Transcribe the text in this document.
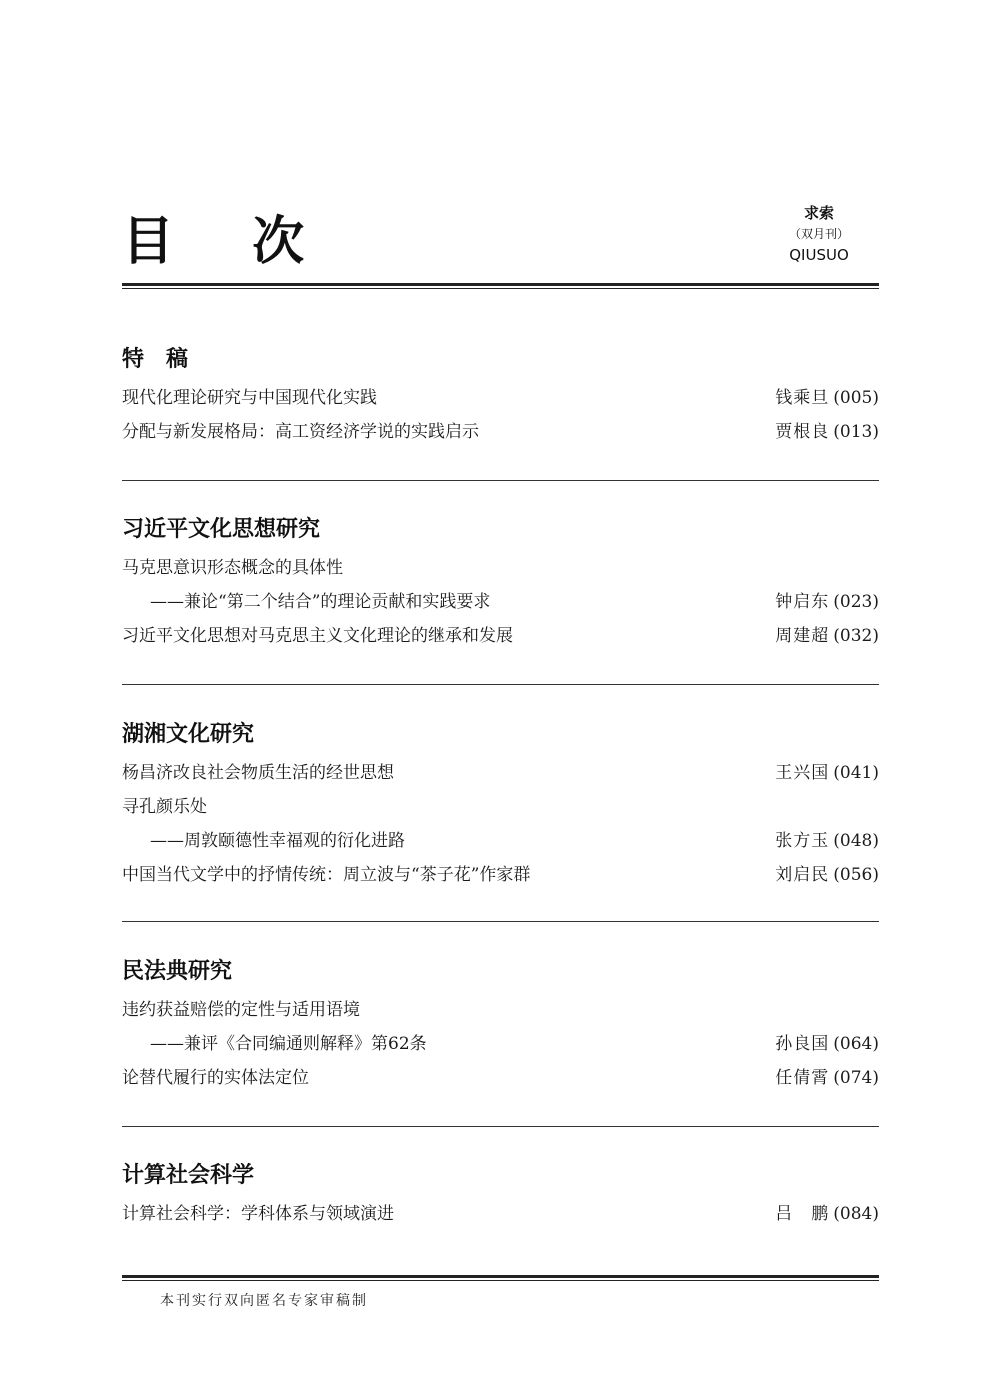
目 次	求索
（双月刊）
QIUSUO
特　稿
现代化理论研究与中国现代化实践	钱乘旦 (005)
分配与新发展格局：高工资经济学说的实践启示	贾根良 (013)
习近平文化思想研究
马克思意识形态概念的具体性
——兼论“第二个结合”的理论贡献和实践要求	钟启东 (023)
习近平文化思想对马克思主义文化理论的继承和发展	周建超 (032)
湖湘文化研究
杨昌济改良社会物质生活的经世思想	王兴国 (041)
寻孔颜乐处
——周敦颐德性幸福观的衍化进路	张方玉 (048)
中国当代文学中的抒情传统：周立波与“茶子花”作家群	刘启民 (056)
民法典研究
违约获益赔偿的定性与适用语境
——兼评《合同编通则解释》第62条	孙良国 (064)
论替代履行的实体法定位	任倩霄 (074)
计算社会科学
计算社会科学：学科体系与领域演进	吕　鹏 (084)
本刊实行双向匿名专家审稿制
